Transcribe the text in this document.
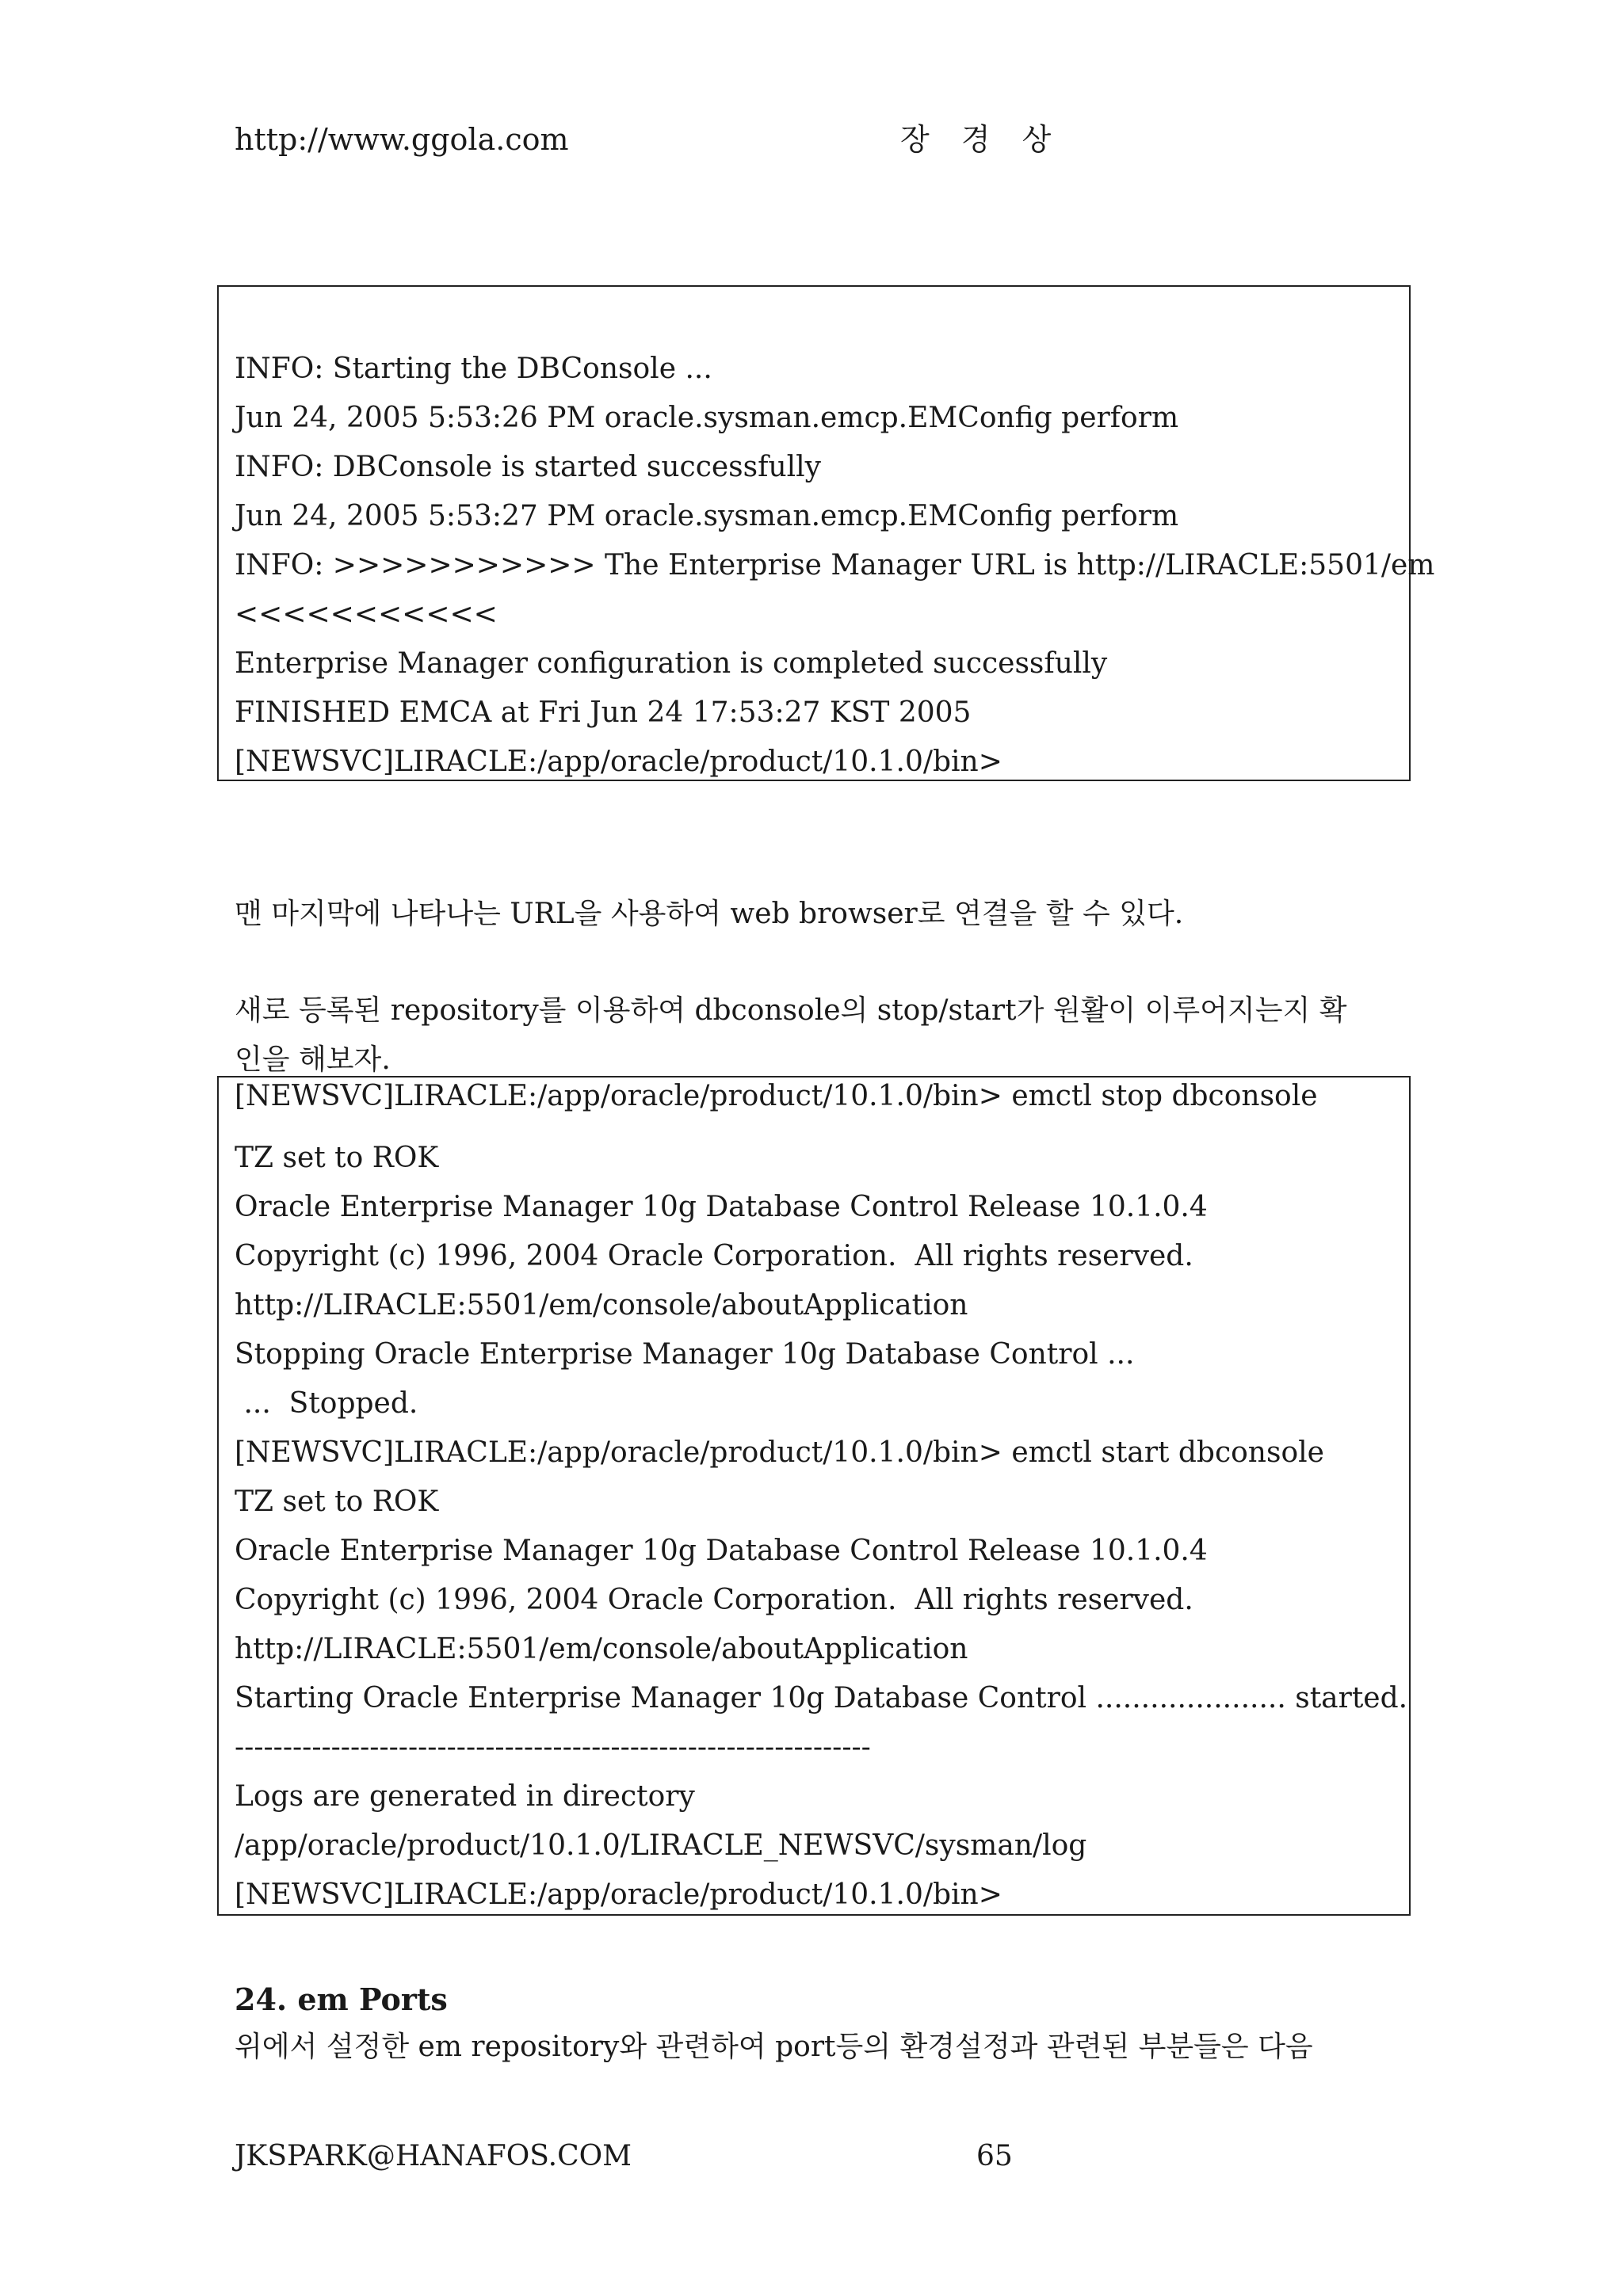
http://www.ggola.com	장 경 상
INFO: Starting the DBConsole ...
Jun 24, 2005 5:53:26 PM oracle.sysman.emcp.EMConfig perform
INFO: DBConsole is started successfully
Jun 24, 2005 5:53:27 PM oracle.sysman.emcp.EMConfig perform
INFO: >>>>>>>>>>> The Enterprise Manager URL is http://LIRACLE:5501/em
<<<<<<<<<<<
Enterprise Manager configuration is completed successfully
FINISHED EMCA at Fri Jun 24 17:53:27 KST 2005
[NEWSVC]LIRACLE:/app/oracle/product/10.1.0/bin>
맨 마지막에 나타나는 URL을 사용하여 web browser로 연결을 할 수 있다.
새로 등록된 repository를 이용하여 dbconsole의 stop/start가 원활이 이루어지는지 확
인을 해보자.
[NEWSVC]LIRACLE:/app/oracle/product/10.1.0/bin> emctl stop dbconsole
TZ set to ROK
Oracle Enterprise Manager 10g Database Control Release 10.1.0.4
Copyright (c) 1996, 2004 Oracle Corporation.  All rights reserved.
http://LIRACLE:5501/em/console/aboutApplication
Stopping Oracle Enterprise Manager 10g Database Control ...
...  Stopped.
[NEWSVC]LIRACLE:/app/oracle/product/10.1.0/bin> emctl start dbconsole
TZ set to ROK
Oracle Enterprise Manager 10g Database Control Release 10.1.0.4
Copyright (c) 1996, 2004 Oracle Corporation.  All rights reserved.
http://LIRACLE:5501/em/console/aboutApplication
Starting Oracle Enterprise Manager 10g Database Control ..................... started.
------------------------------------------------------------------
Logs are generated in directory
/app/oracle/product/10.1.0/LIRACLE_NEWSVC/sysman/log
[NEWSVC]LIRACLE:/app/oracle/product/10.1.0/bin>
24. em Ports
위에서 설정한 em repository와 관련하여 port등의 환경설정과 관련된 부분들은 다음
JKSPARK@HANAFOS.COM	65
